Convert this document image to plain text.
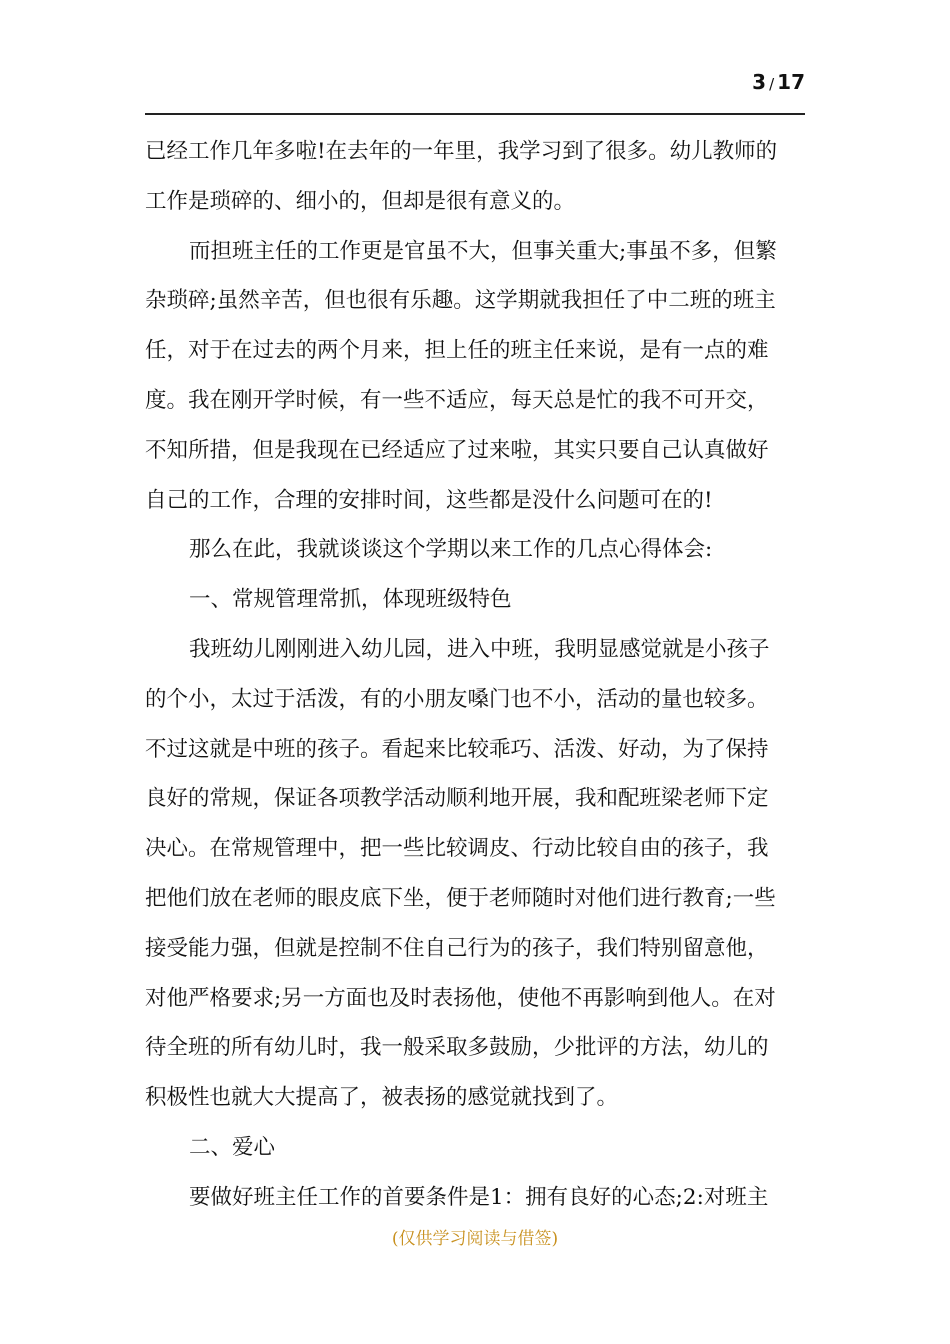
3 / 17
已经工作几年多啦!在去年的一年里，我学习到了很多。幼儿教师的
工作是琐碎的、细小的，但却是很有意义的。
而担班主任的工作更是官虽不大，但事关重大;事虽不多，但繁
杂琐碎;虽然辛苦，但也很有乐趣。这学期就我担任了中二班的班主
任，对于在过去的两个月来，担上任的班主任来说，是有一点的难
度。我在刚开学时候，有一些不适应，每天总是忙的我不可开交，
不知所措，但是我现在已经适应了过来啦，其实只要自己认真做好
自己的工作，合理的安排时间，这些都是没什么问题可在的!
那么在此，我就谈谈这个学期以来工作的几点心得体会:
一、常规管理常抓，体现班级特色
我班幼儿刚刚进入幼儿园，进入中班，我明显感觉就是小孩子
的个小，太过于活泼，有的小朋友嗓门也不小，活动的量也较多。
不过这就是中班的孩子。看起来比较乖巧、活泼、好动，为了保持
良好的常规，保证各项教学活动顺利地开展，我和配班梁老师下定
决心。在常规管理中，把一些比较调皮、行动比较自由的孩子，我
把他们放在老师的眼皮底下坐，便于老师随时对他们进行教育;一些
接受能力强，但就是控制不住自己行为的孩子，我们特别留意他，
对他严格要求;另一方面也及时表扬他，使他不再影响到他人。在对
待全班的所有幼儿时，我一般采取多鼓励，少批评的方法，幼儿的
积极性也就大大提高了，被表扬的感觉就找到了。
二、爱心
要做好班主任工作的首要条件是1：拥有良好的心态;2:对班主
(仅供学习阅读与借签)
